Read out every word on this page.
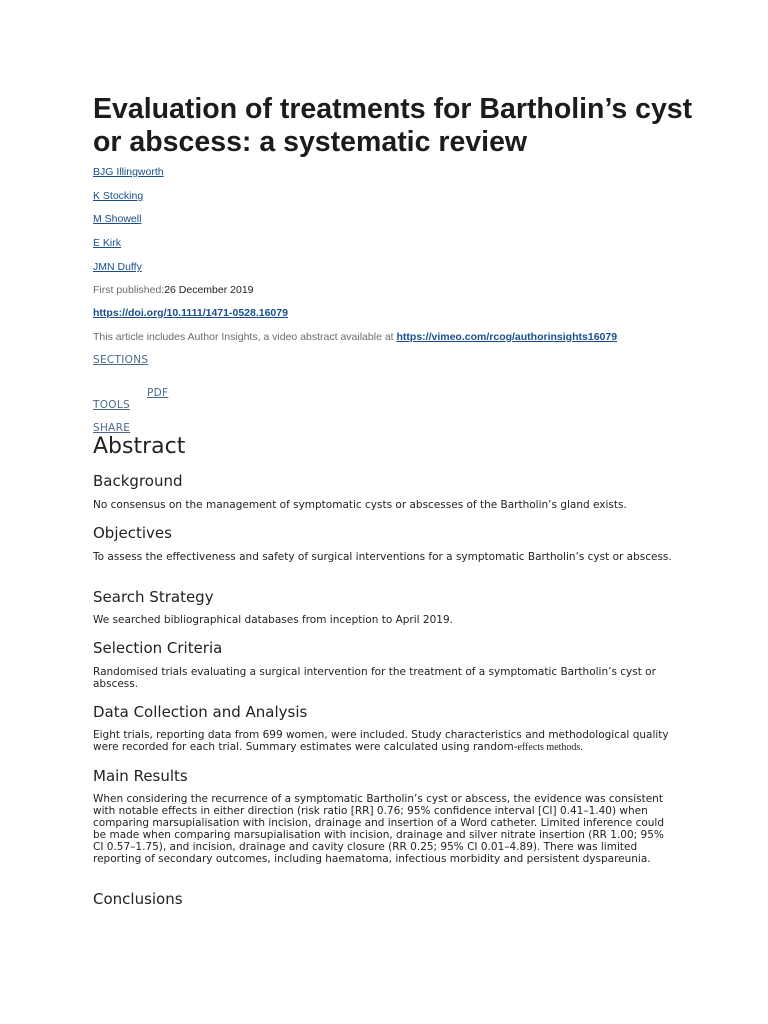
Evaluation of treatments for Bartholin’s cyst or abscess: a systematic review
BJG Illingworth
K Stocking
M Showell
E Kirk
JMN Duffy
First published:26 December 2019
https://doi.org/10.1111/1471-0528.16079
This article includes Author Insights, a video abstract available at https://vimeo.com/rcog/authorinsights16079
SECTIONS
PDF
TOOLS
SHARE
Abstract
Background

No consensus on the management of symptomatic cysts or abscesses of the Bartholin’s gland exists.

Objectives

To assess the effectiveness and safety of surgical interventions for a symptomatic Bartholin’s cyst or abscess.

Search Strategy

We searched bibliographical databases from inception to April 2019.

Selection Criteria

Randomised trials evaluating a surgical intervention for the treatment of a symptomatic Bartholin’s cyst or abscess.

Data Collection and Analysis

Eight trials, reporting data from 699 women, were included. Study characteristics and methodological quality were recorded for each trial. Summary estimates were calculated using random-effects methods.

Main Results

When considering the recurrence of a symptomatic Bartholin’s cyst or abscess, the evidence was consistent with notable effects in either direction (risk ratio [RR] 0.76; 95% confidence interval [CI] 0.41–1.40) when comparing marsupialisation with incision, drainage and insertion of a Word catheter. Limited inference could be made when comparing marsupialisation with incision, drainage and silver nitrate insertion (RR 1.00; 95% CI 0.57–1.75), and incision, drainage and cavity closure (RR 0.25; 95% CI 0.01–4.89). There was limited reporting of secondary outcomes, including haematoma, infectious morbidity and persistent dyspareunia.

Conclusions
